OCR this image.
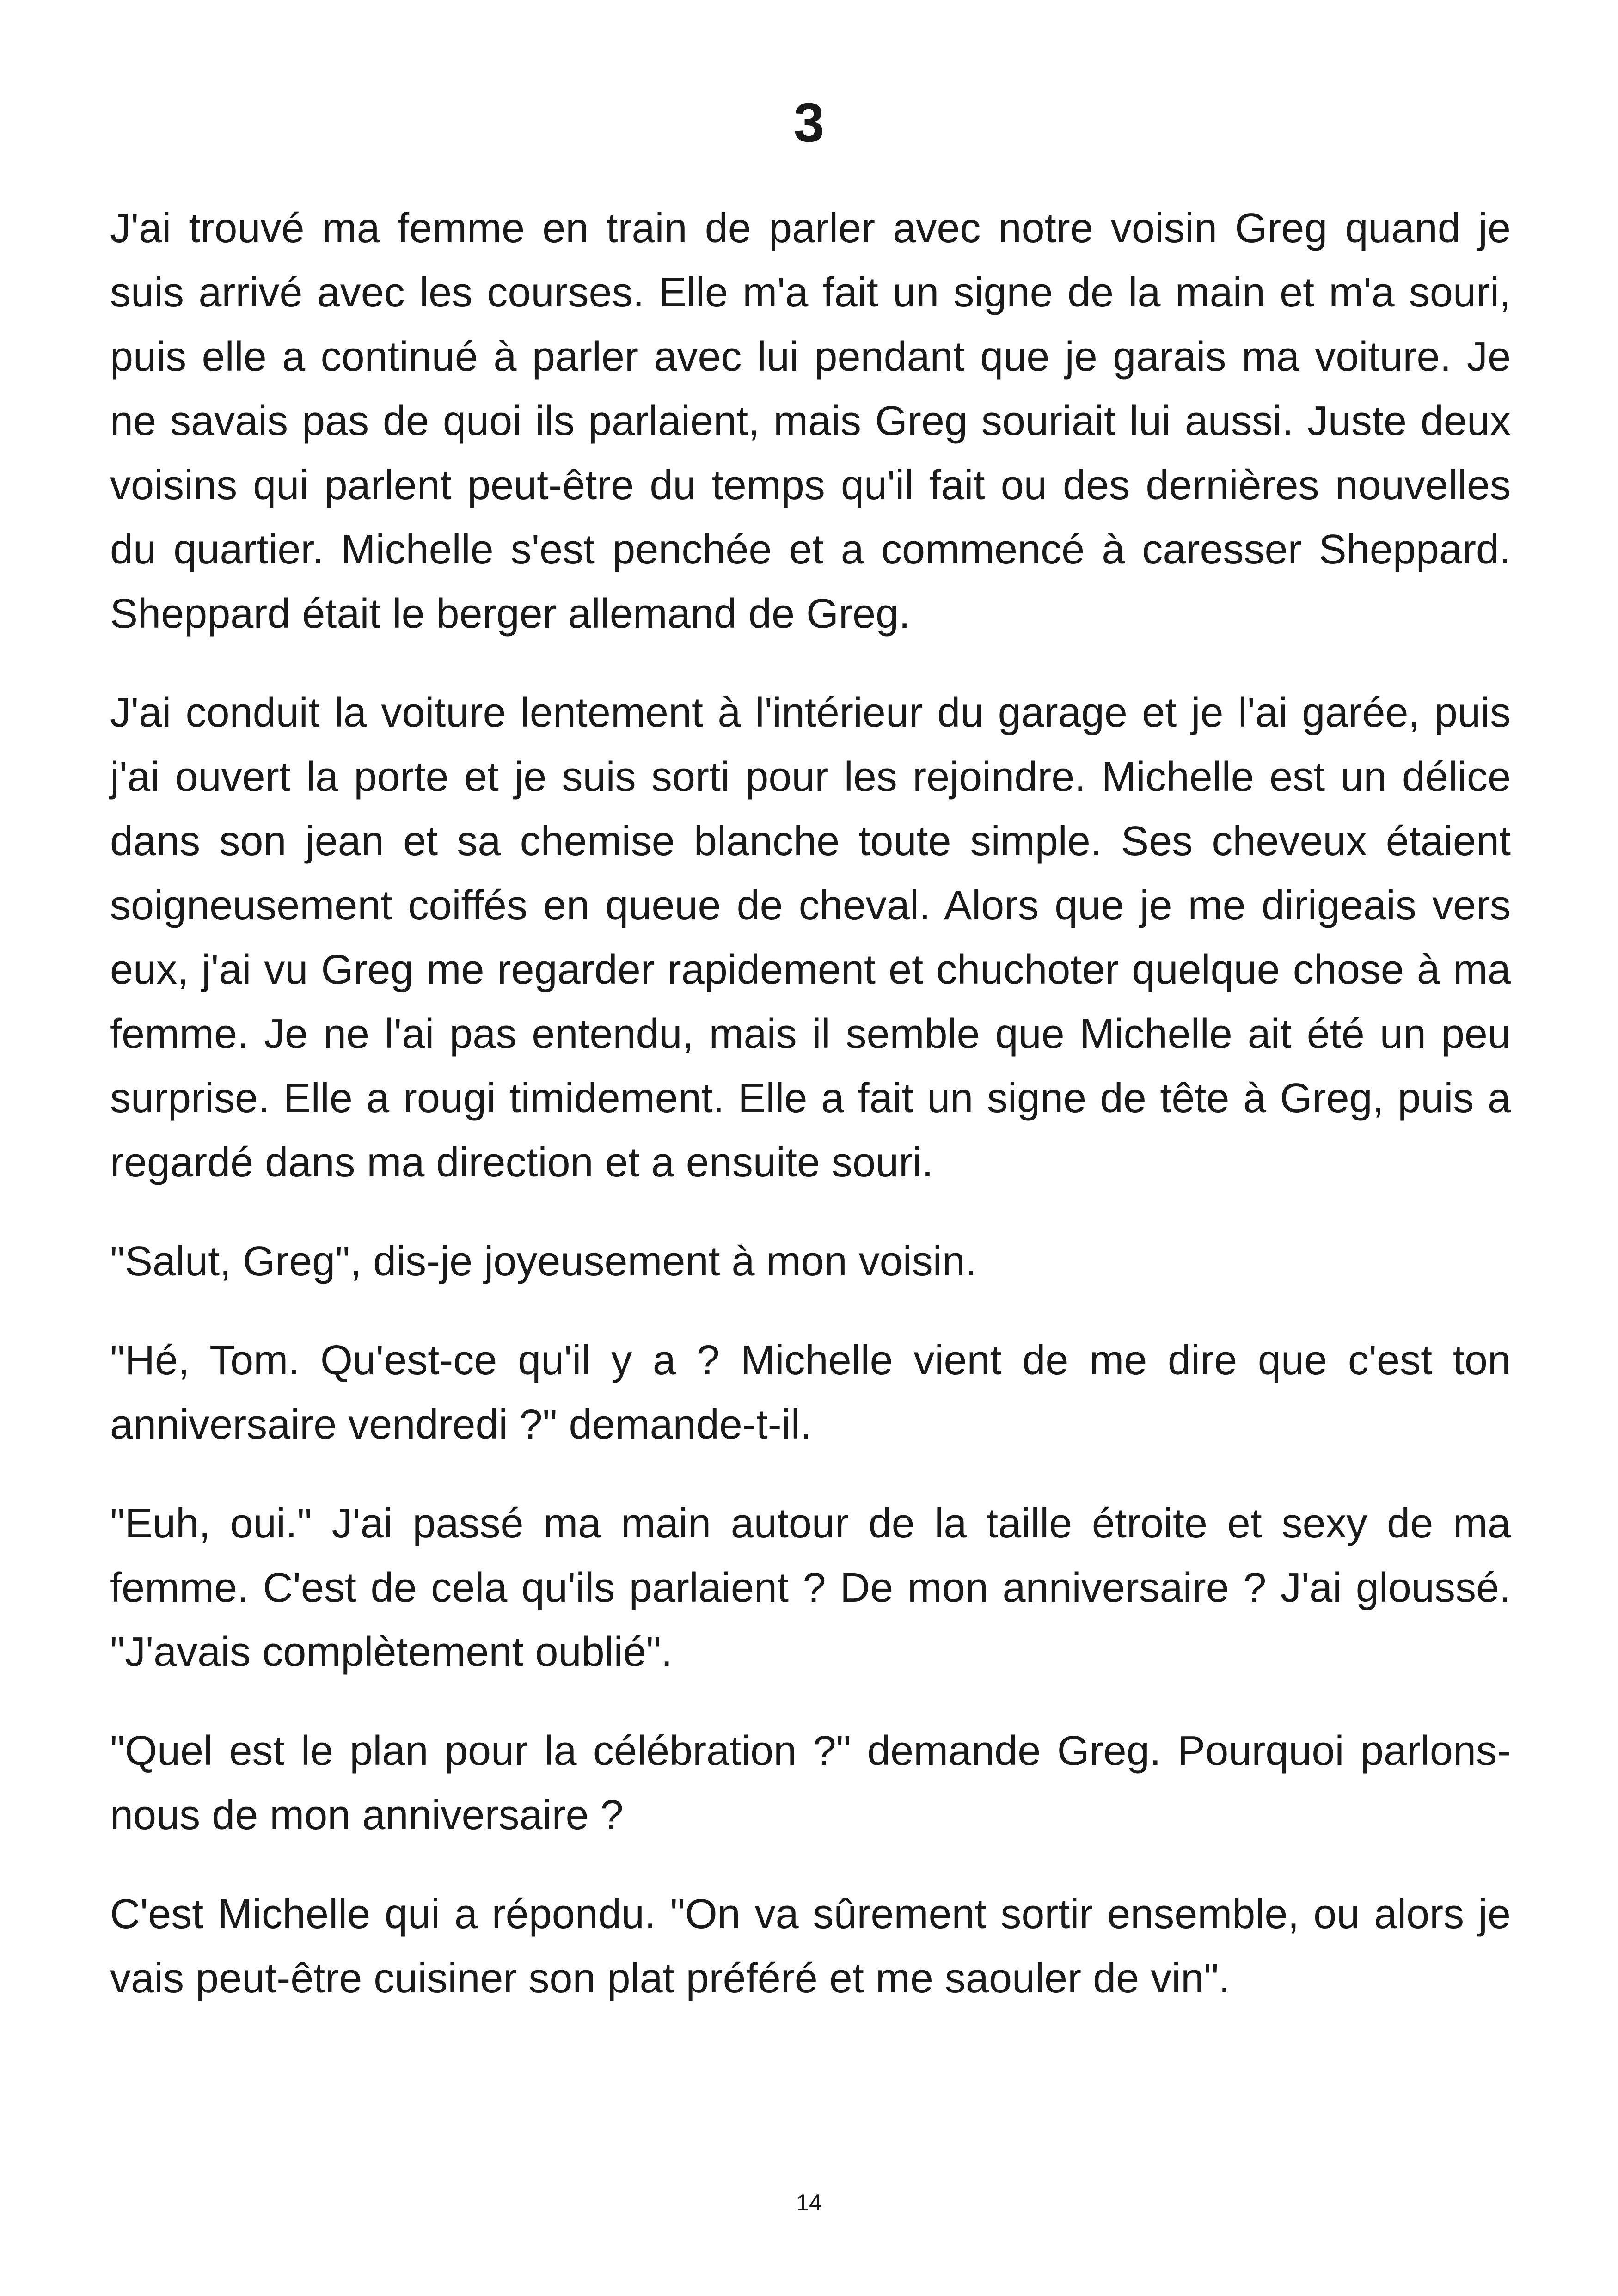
3

J'ai trouvé ma femme en train de parler avec notre voisin Greg quand je suis arrivé avec les courses. Elle m'a fait un signe de la main et m'a souri, puis elle a continué à parler avec lui pendant que je garais ma voiture. Je ne savais pas de quoi ils parlaient, mais Greg souriait lui aussi. Juste deux voisins qui parlent peut-être du temps qu'il fait ou des dernières nouvelles du quartier. Michelle s'est penchée et a commencé à caresser Sheppard. Sheppard était le berger allemand de Greg.

J'ai conduit la voiture lentement à l'intérieur du garage et je l'ai garée, puis j'ai ouvert la porte et je suis sorti pour les rejoindre. Michelle est un délice dans son jean et sa chemise blanche toute simple. Ses cheveux étaient soigneusement coiffés en queue de cheval. Alors que je me dirigeais vers eux, j'ai vu Greg me regarder rapidement et chuchoter quelque chose à ma femme. Je ne l'ai pas entendu, mais il semble que Michelle ait été un peu surprise. Elle a rougi timidement. Elle a fait un signe de tête à Greg, puis a regardé dans ma direction et a ensuite souri.

"Salut, Greg", dis-je joyeusement à mon voisin.

"Hé, Tom. Qu'est-ce qu'il y a ? Michelle vient de me dire que c'est ton anniversaire vendredi ?" demande-t-il.

"Euh, oui." J'ai passé ma main autour de la taille étroite et sexy de ma femme. C'est de cela qu'ils parlaient ? De mon anniversaire ? J'ai gloussé. "J'avais complètement oublié".

"Quel est le plan pour la célébration ?" demande Greg. Pourquoi parlons-nous de mon anniversaire ?

C'est Michelle qui a répondu. "On va sûrement sortir ensemble, ou alors je vais peut-être cuisiner son plat préféré et me saouler de vin".

14
